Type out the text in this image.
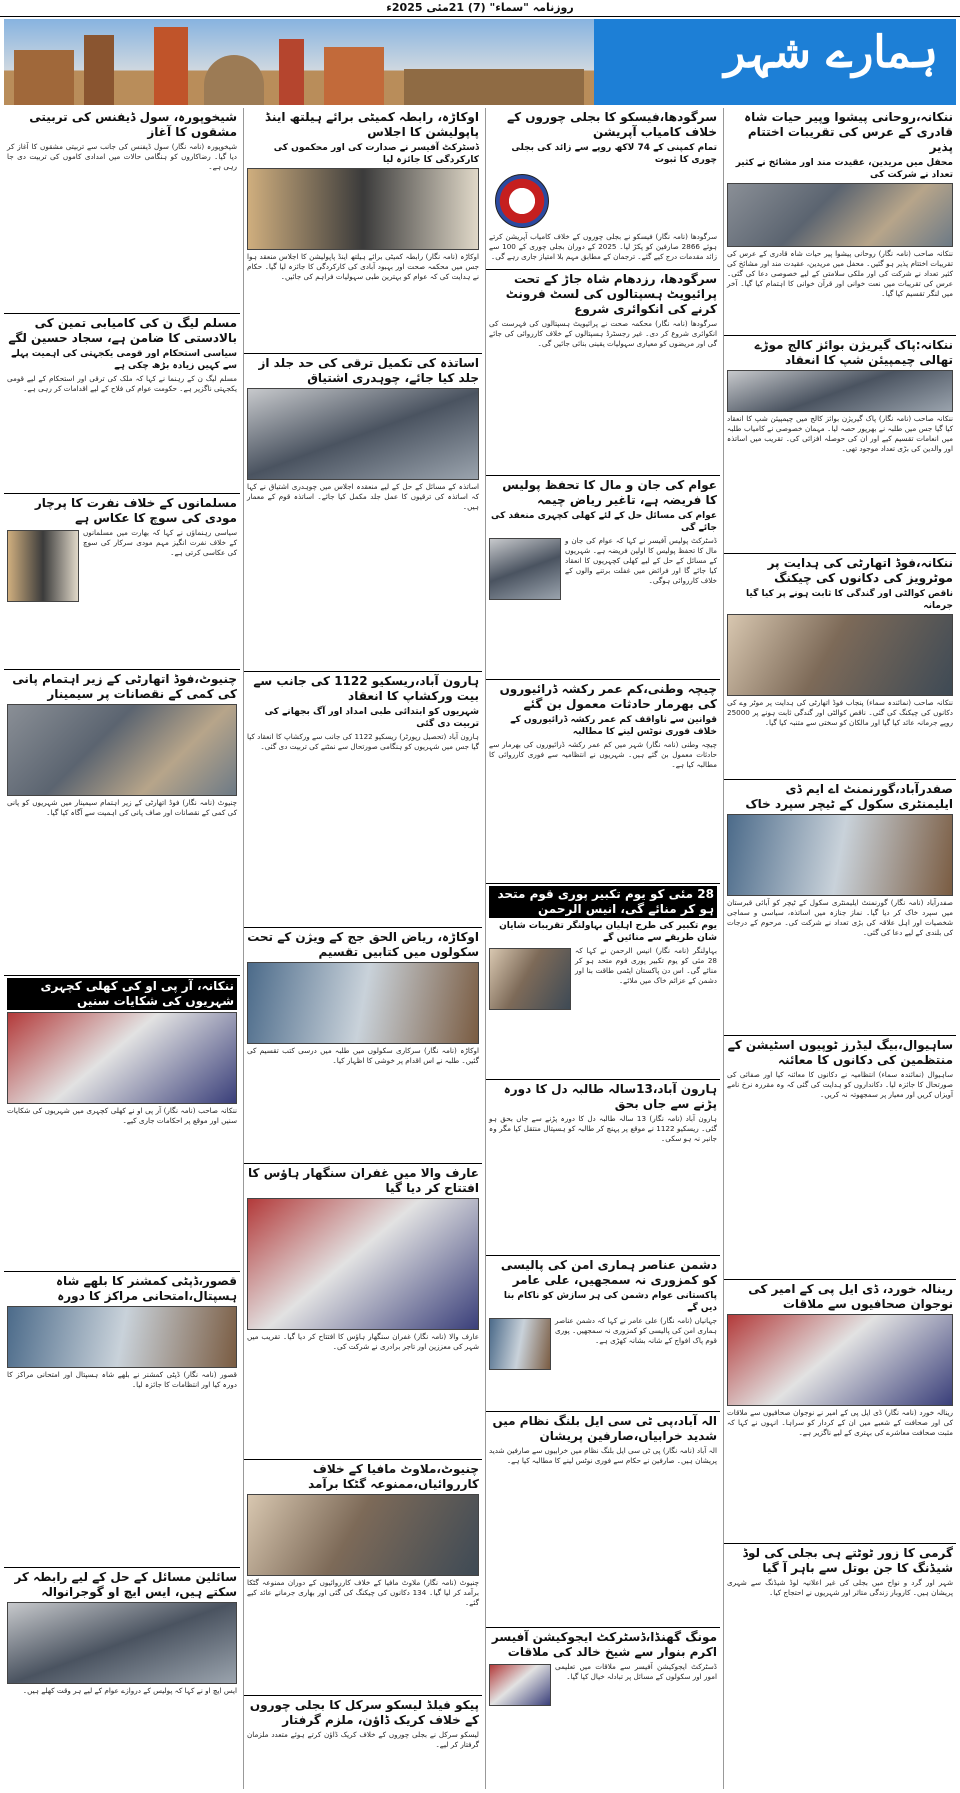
روزنامہ "سماء" (7) 21مئی 2025ء
ہمارے شہر
ننکانہ،روحانی پیشوا وپیر حیات شاہ قادری کے عرس کی تقریبات اختتام پذیر
محفل میں مریدین، عقیدت مند اور مشائخ نے کثیر تعداد نے شرکت کی
ننکانہ صاحب (نامہ نگار) روحانی پیشوا پیر حیات شاہ قادری کے عرس کی تقریبات اختتام پذیر ہو گئیں۔ محفل میں مریدین، عقیدت مند اور مشائخ کی کثیر تعداد نے شرکت کی اور ملکی سلامتی کے لیے خصوصی دعا کی گئی۔ عرس کی تقریبات میں نعت خوانی اور قرآن خوانی کا اہتمام کیا گیا۔ آخر میں لنگر تقسیم کیا گیا۔
ننکانہ:پاک گیریژن بوائز کالج موڑے تھالی چیمپیئن شپ کا انعقاد
ننکانہ صاحب (نامہ نگار) پاک گیریژن بوائز کالج میں چیمپیئن شپ کا انعقاد کیا گیا جس میں طلبہ نے بھرپور حصہ لیا۔ مہمان خصوصی نے کامیاب طلبہ میں انعامات تقسیم کیے اور ان کی حوصلہ افزائی کی۔ تقریب میں اساتذہ اور والدین کی بڑی تعداد موجود تھی۔
ننکانہ،فوڈ اتھارٹی کی ہدایت پر موٹرویز کی دکانوں کی چیکنگ
ناقص کوالٹی اور گندگی کا ثابت ہونے پر کیا گیا جرمانہ
ننکانہ صاحب (نمائندہ سماء) پنجاب فوڈ اتھارٹی کی ہدایت پر موٹر وے کی دکانوں کی چیکنگ کی گئی۔ ناقص کوالٹی اور گندگی ثابت ہونے پر 25000 روپے جرمانہ عائد کیا گیا اور مالکان کو سختی سے متنبہ کیا گیا۔
صفدرآباد،گورنمنٹ اے ایم ڈی ایلیمنٹری سکول کے ٹیچر سپرد خاک
صفدرآباد (نامہ نگار) گورنمنٹ ایلیمنٹری سکول کے ٹیچر کو آبائی قبرستان میں سپرد خاک کر دیا گیا۔ نماز جنازہ میں اساتذہ، سیاسی و سماجی شخصیات اور اہل علاقہ کی بڑی تعداد نے شرکت کی۔ مرحوم کے درجات کی بلندی کے لیے دعا کی گئی۔
ساہیوال،بیگ لیڈرز ٹوپیوں اسٹیشن کے منتظمین کی دکانوں کا معائنہ
ساہیوال (نمائندہ سماء) انتظامیہ نے دکانوں کا معائنہ کیا اور صفائی کی صورتحال کا جائزہ لیا۔ دکانداروں کو ہدایت کی گئی کہ وہ مقررہ نرخ نامے آویزاں کریں اور معیار پر سمجھوتہ نہ کریں۔
رینالہ خورد، ڈی ایل پی کے امیر کی نوجوان صحافیوں سے ملاقات
رینالہ خورد (نامہ نگار) ڈی ایل پی کے امیر نے نوجوان صحافیوں سے ملاقات کی اور صحافت کے شعبے میں ان کے کردار کو سراہا۔ انہوں نے کہا کہ مثبت صحافت معاشرے کی بہتری کے لیے ناگزیر ہے۔
گرمی کا زور ٹوٹتے ہی بجلی کی لوڈ شیڈنگ کا جن بوتل سے باہر آ گیا
شہر اور گرد و نواح میں بجلی کی غیر اعلانیہ لوڈ شیڈنگ سے شہری پریشان ہیں۔ کاروبار زندگی متاثر اور شہریوں نے احتجاج کیا۔
سرگودھا،فیسکو کا بجلی چوروں کے خلاف کامیاب آپریشن
تمام کمپنی کے 74 لاکھ روپے سے زائد کی بجلی چوری کا ثبوت
سرگودھا (نامہ نگار) فیسکو نے بجلی چوروں کے خلاف کامیاب آپریشن کرتے ہوئے 2866 صارفین کو پکڑ لیا۔ 2025 کے دوران بجلی چوری کے 100 سے زائد مقدمات درج کیے گئے۔ ترجمان کے مطابق مہم بلا امتیاز جاری رہے گی۔
سرگودھا، رزدھام شاہ جاڑ کے تحت پرائیویٹ ہسپتالوں کی لسٹ فرونٹ کرنے کی انکوائری شروع
سرگودھا (نامہ نگار) محکمہ صحت نے پرائیویٹ ہسپتالوں کی فہرست کی انکوائری شروع کر دی۔ غیر رجسٹرڈ ہسپتالوں کے خلاف کارروائی کی جائے گی اور مریضوں کو معیاری سہولیات یقینی بنائی جائیں گی۔
عوام کی جان و مال کا تحفظ پولیس کا فریضہ ہے، تاغیر ریاض چیمہ
عوام کی مسائل حل کے لئے کھلی کچہری منعقد کی جائے گی
ڈسٹرکٹ پولیس آفیسر نے کہا کہ عوام کی جان و مال کا تحفظ پولیس کا اولین فریضہ ہے۔ شہریوں کے مسائل کے حل کے لیے کھلی کچہریوں کا انعقاد کیا جائے گا اور فرائض میں غفلت برتنے والوں کے خلاف کارروائی ہوگی۔
چیچہ وطنی،کم عمر رکشہ ڈرائیوروں کی بھرمار حادثات معمول بن گئے
قوانین سے ناواقف کم عمر رکشہ ڈرائیوروں کے خلاف فوری نوٹس لینے کا مطالبہ
چیچہ وطنی (نامہ نگار) شہر میں کم عمر رکشہ ڈرائیوروں کی بھرمار سے حادثات معمول بن گئے ہیں۔ شہریوں نے انتظامیہ سے فوری کارروائی کا مطالبہ کیا ہے۔
28 مئی کو یوم تکبیر پوری قوم متحد ہو کر منائے گی، انیس الرحمن
یوم تکبیر کی طرح اہلیان بہاولنگر تقریبات شایان شان طریقے سے منائیں گے
بہاولنگر (نامہ نگار) انیس الرحمن نے کہا کہ 28 مئی کو یوم تکبیر پوری قوم متحد ہو کر منائے گی۔ اس دن پاکستان ایٹمی طاقت بنا اور دشمن کے عزائم خاک میں ملائے۔
ہارون آباد،13سالہ طالبہ دل کا دورہ پڑنے سے جاں بحق
ہارون آباد (نامہ نگار) 13 سالہ طالبہ دل کا دورہ پڑنے سے جاں بحق ہو گئی۔ ریسکیو 1122 نے موقع پر پہنچ کر طالبہ کو ہسپتال منتقل کیا مگر وہ جانبر نہ ہو سکی۔
دشمن عناصر ہماری امن کی پالیسی کو کمزوری نہ سمجھیں، علی عامر
پاکستانی عوام دشمن کی ہر سازش کو ناکام بنا دیں گے
جہانیاں (نامہ نگار) علی عامر نے کہا کہ دشمن عناصر ہماری امن کی پالیسی کو کمزوری نہ سمجھیں۔ پوری قوم پاک افواج کے شانہ بشانہ کھڑی ہے۔
الہ آباد،پی ٹی سی ایل بلنگ نظام میں شدید خرابیاں،صارفین پریشان
الہ آباد (نامہ نگار) پی ٹی سی ایل بلنگ نظام میں خرابیوں سے صارفین شدید پریشان ہیں۔ صارفین نے حکام سے فوری نوٹس لینے کا مطالبہ کیا ہے۔
مونگ گھنڈا،ڈسٹرکٹ ایجوکیشن آفیسر اکرم بنوار سے شیخ خالد کی ملاقات
ڈسٹرکٹ ایجوکیشن آفیسر سے ملاقات میں تعلیمی امور اور سکولوں کے مسائل پر تبادلہ خیال کیا گیا۔
اوکاڑہ، رابطہ کمیٹی برائے ہیلتھ اینڈ پاپولیشن کا اجلاس
ڈسٹرکٹ آفیسر نے صدارت کی اور محکموں کی کارکردگی کا جائزہ لیا
اوکاڑہ (نامہ نگار) رابطہ کمیٹی برائے ہیلتھ اینڈ پاپولیشن کا اجلاس منعقد ہوا جس میں محکمہ صحت اور بہبود آبادی کی کارکردگی کا جائزہ لیا گیا۔ حکام نے ہدایت کی کہ عوام کو بہترین طبی سہولیات فراہم کی جائیں۔
اساتذہ کی تکمیل ترقی کی حد جلد از جلد کیا جائے، چوہدری اشتیاق
اساتذہ کے مسائل کے حل کے لیے منعقدہ اجلاس میں چوہدری اشتیاق نے کہا کہ اساتذہ کی ترقیوں کا عمل جلد مکمل کیا جائے۔ اساتذہ قوم کے معمار ہیں۔
ہارون آباد،ریسکیو 1122 کی جانب سے بیت ورکشاپ کا انعقاد
شہریوں کو ابتدائی طبی امداد اور آگ بجھانے کی تربیت دی گئی
ہارون آباد (تحصیل رپورٹر) ریسکیو 1122 کی جانب سے ورکشاپ کا انعقاد کیا گیا جس میں شہریوں کو ہنگامی صورتحال سے نمٹنے کی تربیت دی گئی۔
اوکاڑہ، ریاض الحق جج کے ویژن کے تحت سکولوں میں کتابیں تقسیم
اوکاڑہ (نامہ نگار) سرکاری سکولوں میں طلبہ میں درسی کتب تقسیم کی گئیں۔ طلبہ نے اس اقدام پر خوشی کا اظہار کیا۔
عارف والا میں غفران سنگھار ہاؤس کا افتتاح کر دیا گیا
عارف والا (نامہ نگار) غفران سنگھار ہاؤس کا افتتاح کر دیا گیا۔ تقریب میں شہر کی معززین اور تاجر برادری نے شرکت کی۔
چنیوٹ،ملاوٹ مافیا کے خلاف کارروائیاں،ممنوعہ گٹکا برآمد
چنیوٹ (نامہ نگار) ملاوٹ مافیا کے خلاف کارروائیوں کے دوران ممنوعہ گٹکا برآمد کر لیا گیا۔ 134 دکانوں کی چیکنگ کی گئی اور بھاری جرمانے عائد کیے گئے۔
پیکو فیلڈ لیسکو سرکل کا بجلی چوروں کے خلاف کریک ڈاؤن، ملزم گرفتار
لیسکو سرکل نے بجلی چوروں کے خلاف کریک ڈاؤن کرتے ہوئے متعدد ملزمان گرفتار کر لیے۔
شیخوپورہ، سول ڈیفنس کی تربیتی مشقوں کا آغاز
شیخوپورہ (نامہ نگار) سول ڈیفنس کی جانب سے تربیتی مشقوں کا آغاز کر دیا گیا۔ رضاکاروں کو ہنگامی حالات میں امدادی کاموں کی تربیت دی جا رہی ہے۔
مسلم لیگ ن کی کامیابی تمین کی بالادستی کا ضامن ہے، سجاد حسین لگے
سیاسی استحکام اور قومی یکجہتی کی اہمیت پہلے سے کہیں زیادہ بڑھ چکی ہے
مسلم لیگ ن کے رہنما نے کہا کہ ملک کی ترقی اور استحکام کے لیے قومی یکجہتی ناگزیر ہے۔ حکومت عوام کی فلاح کے لیے اقدامات کر رہی ہے۔
مسلمانوں کے خلاف نفرت کا پرچار مودی کی سوچ کا عکاس ہے
سیاسی رہنماؤں نے کہا کہ بھارت میں مسلمانوں کے خلاف نفرت انگیز مہم مودی سرکار کی سوچ کی عکاسی کرتی ہے۔
چنیوٹ،فوڈ اتھارٹی کے زیر اہتمام پانی کی کمی کے نقصانات پر سیمینار
چنیوٹ (نامہ نگار) فوڈ اتھارٹی کے زیر اہتمام سیمینار میں شہریوں کو پانی کی کمی کے نقصانات اور صاف پانی کی اہمیت سے آگاہ کیا گیا۔
ننکانہ، آر پی او کی کھلی کچہری شہریوں کی شکایات سنیں
ننکانہ صاحب (نامہ نگار) آر پی او نے کھلی کچہری میں شہریوں کی شکایات سنیں اور موقع پر احکامات جاری کیے۔
قصور،ڈپٹی کمشنر کا بلھے شاہ ہسپتال،امتحانی مراکز کا دورہ
قصور (نامہ نگار) ڈپٹی کمشنر نے بلھے شاہ ہسپتال اور امتحانی مراکز کا دورہ کیا اور انتظامات کا جائزہ لیا۔
سائلین مسائل کے حل کے لیے رابطہ کر سکتے ہیں، ایس ایچ او گوجرانوالہ
ایس ایچ او نے کہا کہ پولیس کے دروازے عوام کے لیے ہر وقت کھلے ہیں۔
